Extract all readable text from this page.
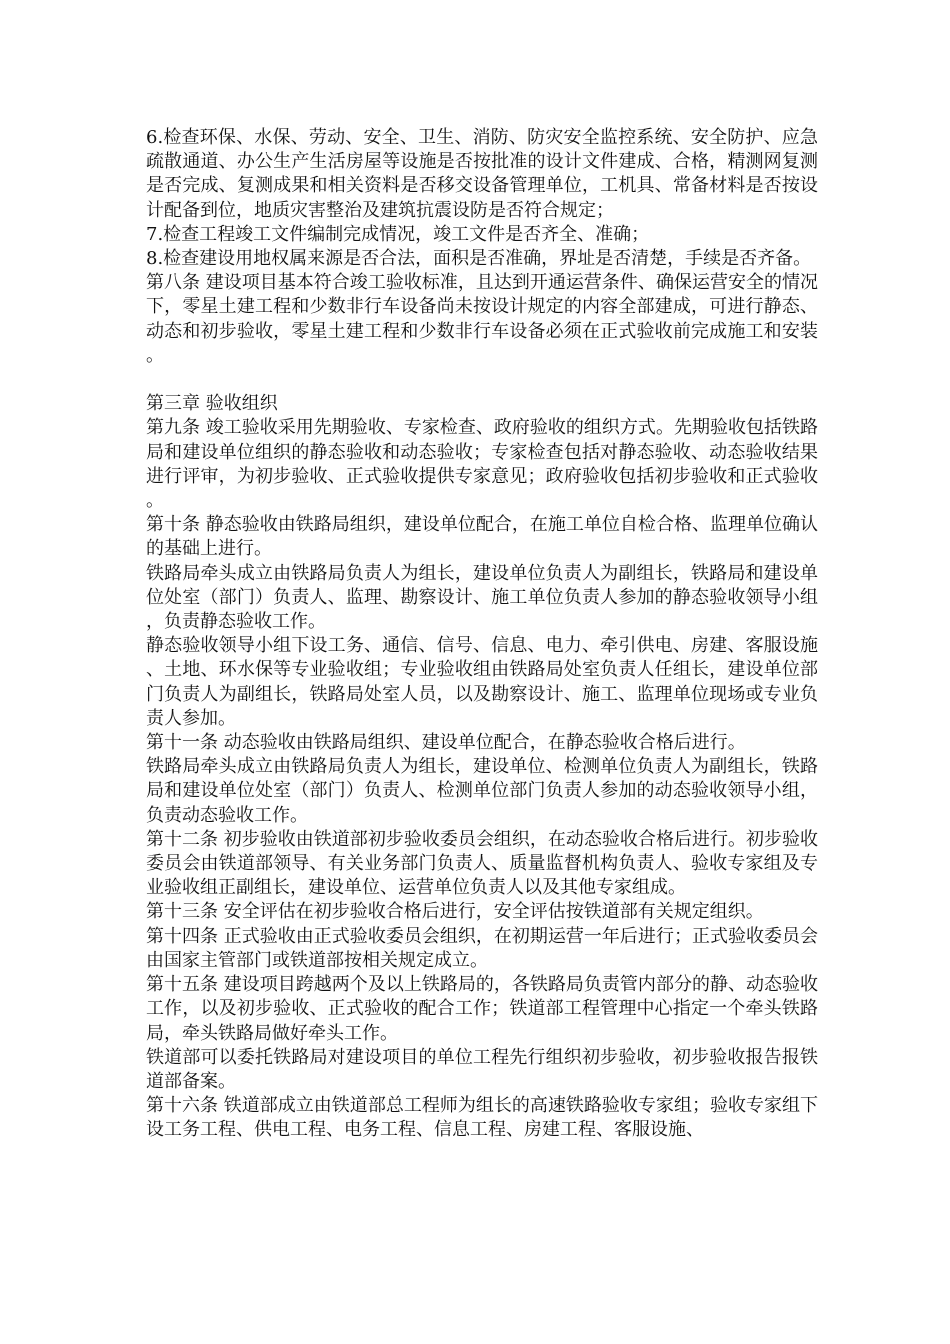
6.检查环保、水保、劳动、安全、卫生、消防、防灾安全监控系统、安全防护、应急疏散通道、办公生产生活房屋等设施是否按批准的设计文件建成、合格，精测网复测是否完成、复测成果和相关资料是否移交设备管理单位，工机具、常备材料是否按设计配备到位，地质灾害整治及建筑抗震设防是否符合规定；

7.检查工程竣工文件编制完成情况，竣工文件是否齐全、准确；

8.检查建设用地权属来源是否合法，面积是否准确，界址是否清楚，手续是否齐备。

第八条 建设项目基本符合竣工验收标准，且达到开通运营条件、确保运营安全的情况下，零星土建工程和少数非行车设备尚未按设计规定的内容全部建成，可进行静态、动态和初步验收，零星土建工程和少数非行车设备必须在正式验收前完成施工和安装。

第三章 验收组织

第九条 竣工验收采用先期验收、专家检查、政府验收的组织方式。先期验收包括铁路局和建设单位组织的静态验收和动态验收；专家检查包括对静态验收、动态验收结果进行评审，为初步验收、正式验收提供专家意见；政府验收包括初步验收和正式验收。

第十条 静态验收由铁路局组织，建设单位配合，在施工单位自检合格、监理单位确认的基础上进行。

铁路局牵头成立由铁路局负责人为组长，建设单位负责人为副组长，铁路局和建设单位处室（部门）负责人、监理、勘察设计、施工单位负责人参加的静态验收领导小组，负责静态验收工作。

静态验收领导小组下设工务、通信、信号、信息、电力、牵引供电、房建、客服设施、土地、环水保等专业验收组；专业验收组由铁路局处室负责人任组长，建设单位部门负责人为副组长，铁路局处室人员，以及勘察设计、施工、监理单位现场或专业负责人参加。

第十一条 动态验收由铁路局组织、建设单位配合，在静态验收合格后进行。

铁路局牵头成立由铁路局负责人为组长，建设单位、检测单位负责人为副组长，铁路局和建设单位处室（部门）负责人、检测单位部门负责人参加的动态验收领导小组，负责动态验收工作。

第十二条 初步验收由铁道部初步验收委员会组织，在动态验收合格后进行。初步验收委员会由铁道部领导、有关业务部门负责人、质量监督机构负责人、验收专家组及专业验收组正副组长，建设单位、运营单位负责人以及其他专家组成。

第十三条 安全评估在初步验收合格后进行，安全评估按铁道部有关规定组织。

第十四条 正式验收由正式验收委员会组织，在初期运营一年后进行；正式验收委员会由国家主管部门或铁道部按相关规定成立。

第十五条 建设项目跨越两个及以上铁路局的，各铁路局负责管内部分的静、动态验收工作，以及初步验收、正式验收的配合工作；铁道部工程管理中心指定一个牵头铁路局，牵头铁路局做好牵头工作。

铁道部可以委托铁路局对建设项目的单位工程先行组织初步验收，初步验收报告报铁道部备案。

第十六条 铁道部成立由铁道部总工程师为组长的高速铁路验收专家组；验收专家组下设工务工程、供电工程、电务工程、信息工程、房建工程、客服设施、
